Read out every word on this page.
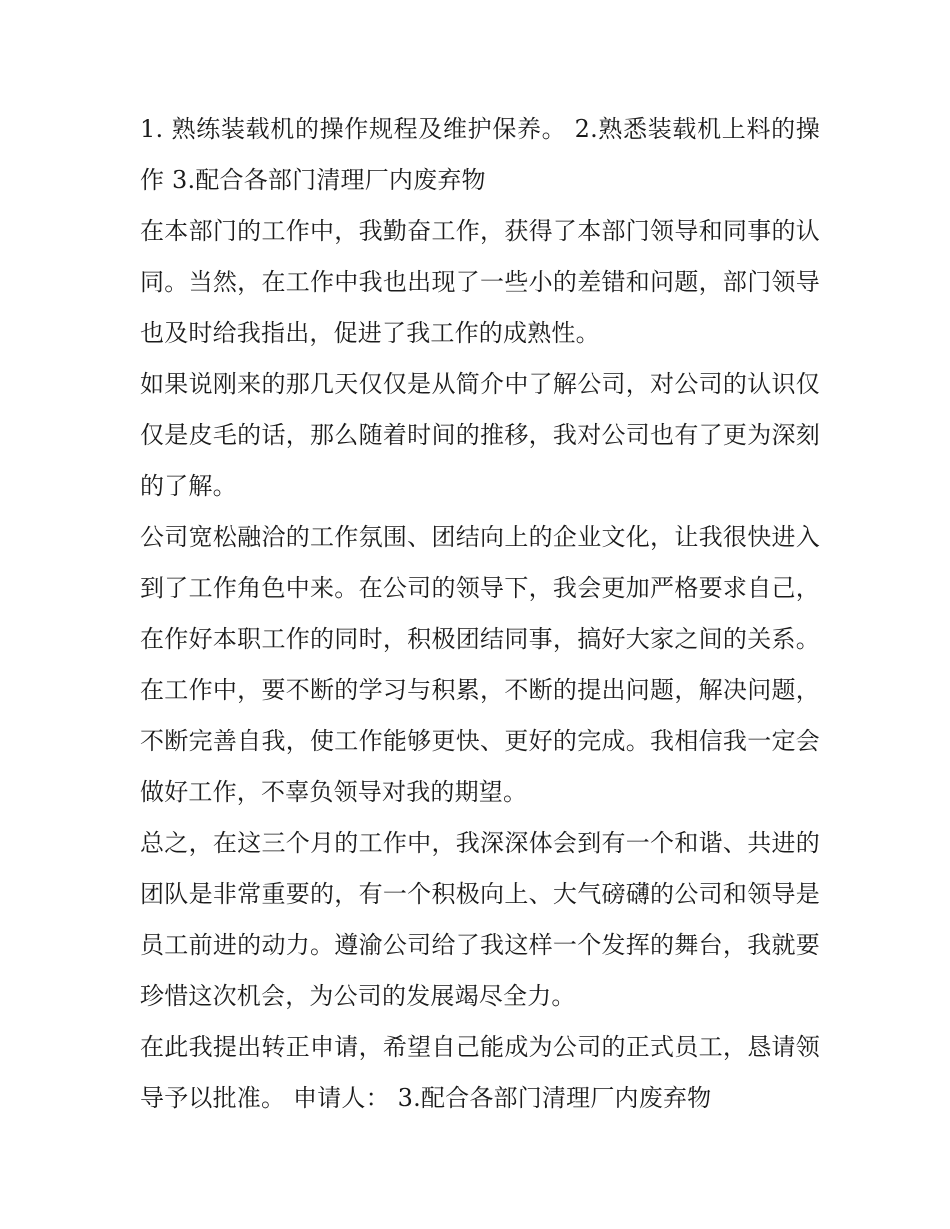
1. 熟练装载机的操作规程及维护保养。 2.熟悉装载机上料的操作 3.配合各部门清理厂内废弃物

在本部门的工作中，我勤奋工作，获得了本部门领导和同事的认同。当然，在工作中我也出现了一些小的差错和问题，部门领导也及时给我指出，促进了我工作的成熟性。

如果说刚来的那几天仅仅是从简介中了解公司，对公司的认识仅仅是皮毛的话，那么随着时间的推移，我对公司也有了更为深刻的了解。

公司宽松融洽的工作氛围、团结向上的企业文化，让我很快进入到了工作角色中来。在公司的领导下，我会更加严格要求自己，在作好本职工作的同时，积极团结同事，搞好大家之间的关系。在工作中，要不断的学习与积累，不断的提出问题，解决问题，不断完善自我，使工作能够更快、更好的完成。我相信我一定会做好工作，不辜负领导对我的期望。

总之，在这三个月的工作中，我深深体会到有一个和谐、共进的团队是非常重要的，有一个积极向上、大气磅礴的公司和领导是员工前进的动力。遵渝公司给了我这样一个发挥的舞台，我就要珍惜这次机会，为公司的发展竭尽全力。

在此我提出转正申请，希望自己能成为公司的正式员工，恳请领导予以批准。 申请人： 3.配合各部门清理厂内废弃物
